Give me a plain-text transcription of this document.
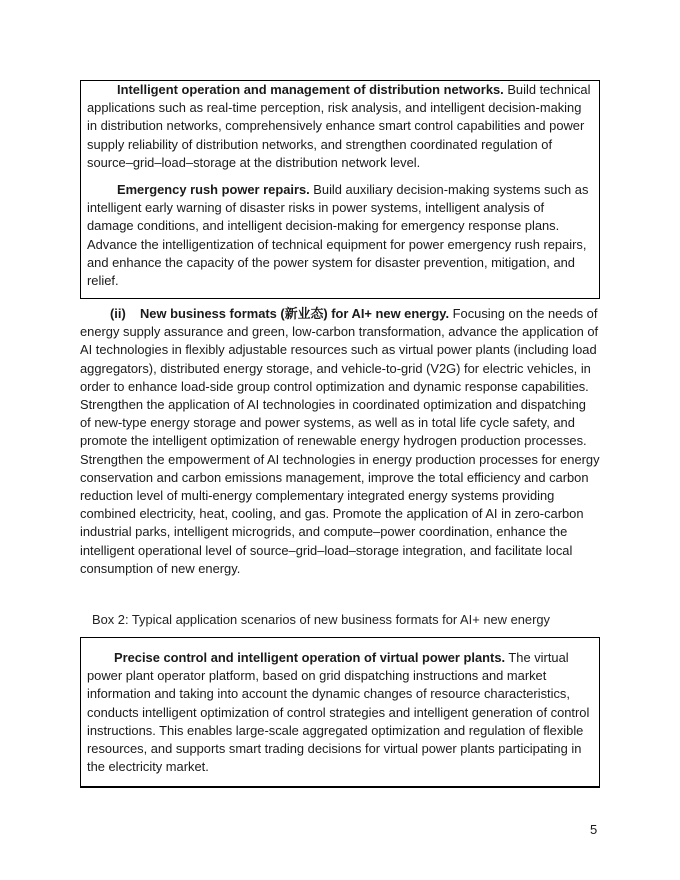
Intelligent operation and management of distribution networks. Build technical applications such as real-time perception, risk analysis, and intelligent decision-making in distribution networks, comprehensively enhance smart control capabilities and power supply reliability of distribution networks, and strengthen coordinated regulation of source–grid–load–storage at the distribution network level.

Emergency rush power repairs. Build auxiliary decision-making systems such as intelligent early warning of disaster risks in power systems, intelligent analysis of damage conditions, and intelligent decision-making for emergency response plans. Advance the intelligentization of technical equipment for power emergency rush repairs, and enhance the capacity of the power system for disaster prevention, mitigation, and relief.

(ii) New business formats (新业态) for AI+ new energy. Focusing on the needs of energy supply assurance and green, low-carbon transformation, advance the application of AI technologies in flexibly adjustable resources such as virtual power plants (including load aggregators), distributed energy storage, and vehicle-to-grid (V2G) for electric vehicles, in order to enhance load-side group control optimization and dynamic response capabilities. Strengthen the application of AI technologies in coordinated optimization and dispatching of new-type energy storage and power systems, as well as in total life cycle safety, and promote the intelligent optimization of renewable energy hydrogen production processes. Strengthen the empowerment of AI technologies in energy production processes for energy conservation and carbon emissions management, improve the total efficiency and carbon reduction level of multi-energy complementary integrated energy systems providing combined electricity, heat, cooling, and gas. Promote the application of AI in zero-carbon industrial parks, intelligent microgrids, and compute–power coordination, enhance the intelligent operational level of source–grid–load–storage integration, and facilitate local consumption of new energy.

Box 2: Typical application scenarios of new business formats for AI+ new energy

Precise control and intelligent operation of virtual power plants. The virtual power plant operator platform, based on grid dispatching instructions and market information and taking into account the dynamic changes of resource characteristics, conducts intelligent optimization of control strategies and intelligent generation of control instructions. This enables large-scale aggregated optimization and regulation of flexible resources, and supports smart trading decisions for virtual power plants participating in the electricity market.

5
